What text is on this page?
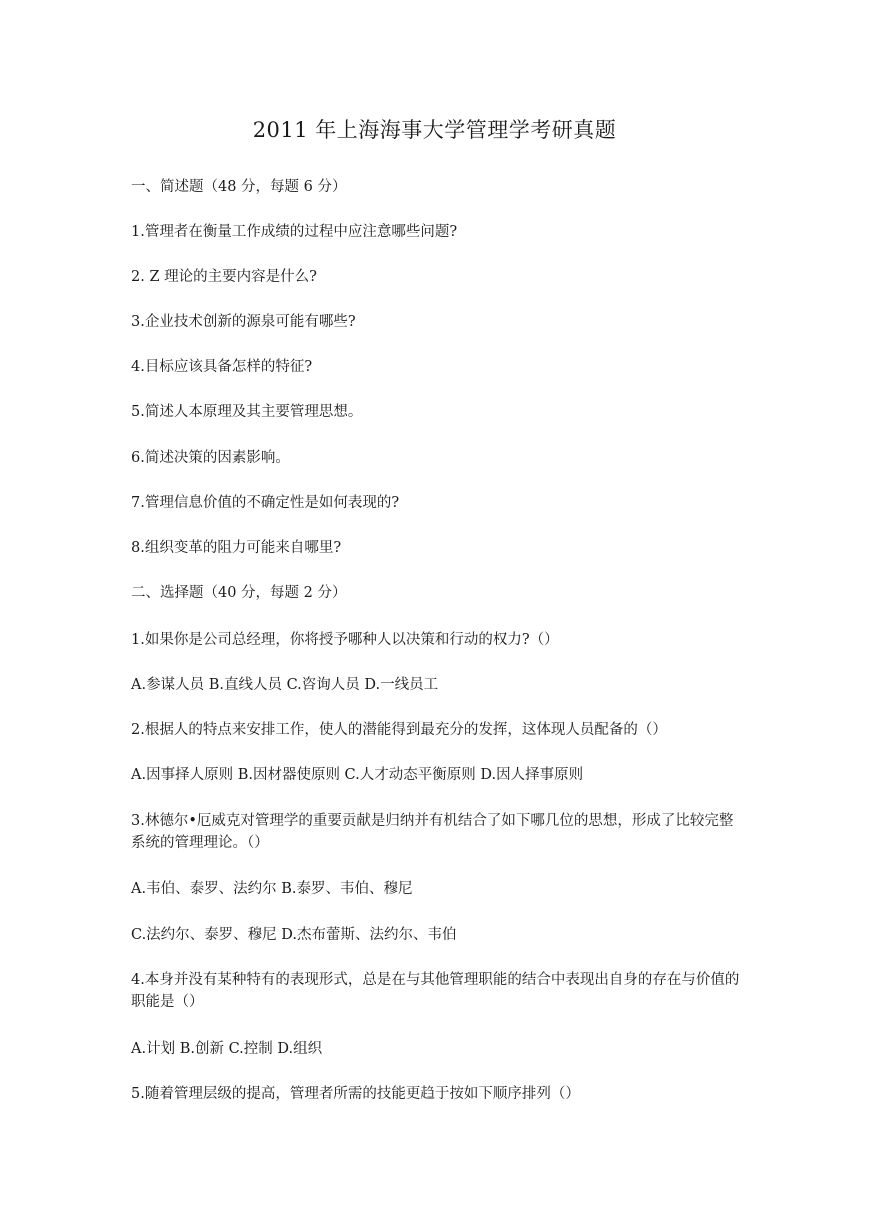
2011 年上海海事大学管理学考研真题
一、简述题（48 分，每题 6 分）
1.管理者在衡量工作成绩的过程中应注意哪些问题?
2. Z 理论的主要内容是什么?
3.企业技术创新的源泉可能有哪些?
4.目标应该具备怎样的特征?
5.简述人本原理及其主要管理思想。
6.简述决策的因素影响。
7.管理信息价值的不确定性是如何表现的?
8.组织变革的阻力可能来自哪里?
二、选择题（40 分，每题 2 分）
1.如果你是公司总经理，你将授予哪种人以决策和行动的权力?（）
A.参谋人员 B.直线人员 C.咨询人员 D.一线员工
2.根据人的特点来安排工作，使人的潜能得到最充分的发挥，这体现人员配备的（）
A.因事择人原则 B.因材器使原则 C.人才动态平衡原则 D.因人择事原则
3.林德尔•厄威克对管理学的重要贡献是归纳并有机结合了如下哪几位的思想，形成了比较完整系统的管理理论。（）
A.韦伯、泰罗、法约尔 B.泰罗、韦伯、穆尼
C.法约尔、泰罗、穆尼 D.杰布蕾斯、法约尔、韦伯
4.本身并没有某种特有的表现形式，总是在与其他管理职能的结合中表现出自身的存在与价值的职能是（）
A.计划 B.创新 C.控制 D.组织
5.随着管理层级的提高，管理者所需的技能更趋于按如下顺序排列（）
